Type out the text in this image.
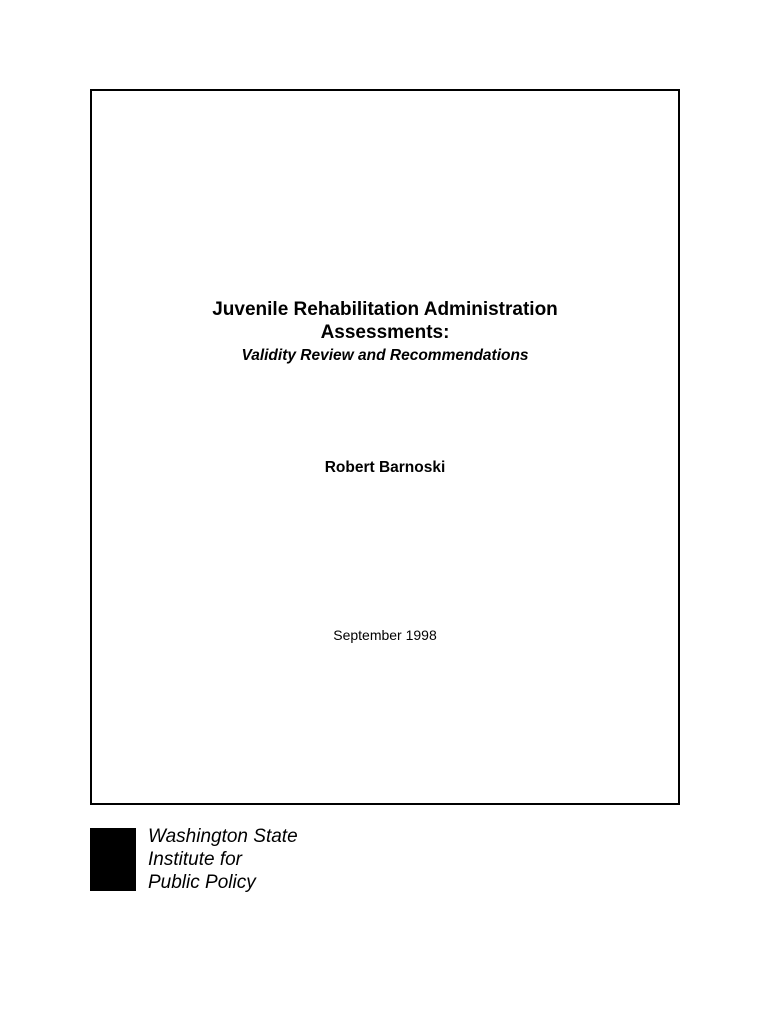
Juvenile Rehabilitation Administration

Assessments:

Validity Review and Recommendations

Robert Barnoski
September 1998
Washington State
Institute for
Public Policy
